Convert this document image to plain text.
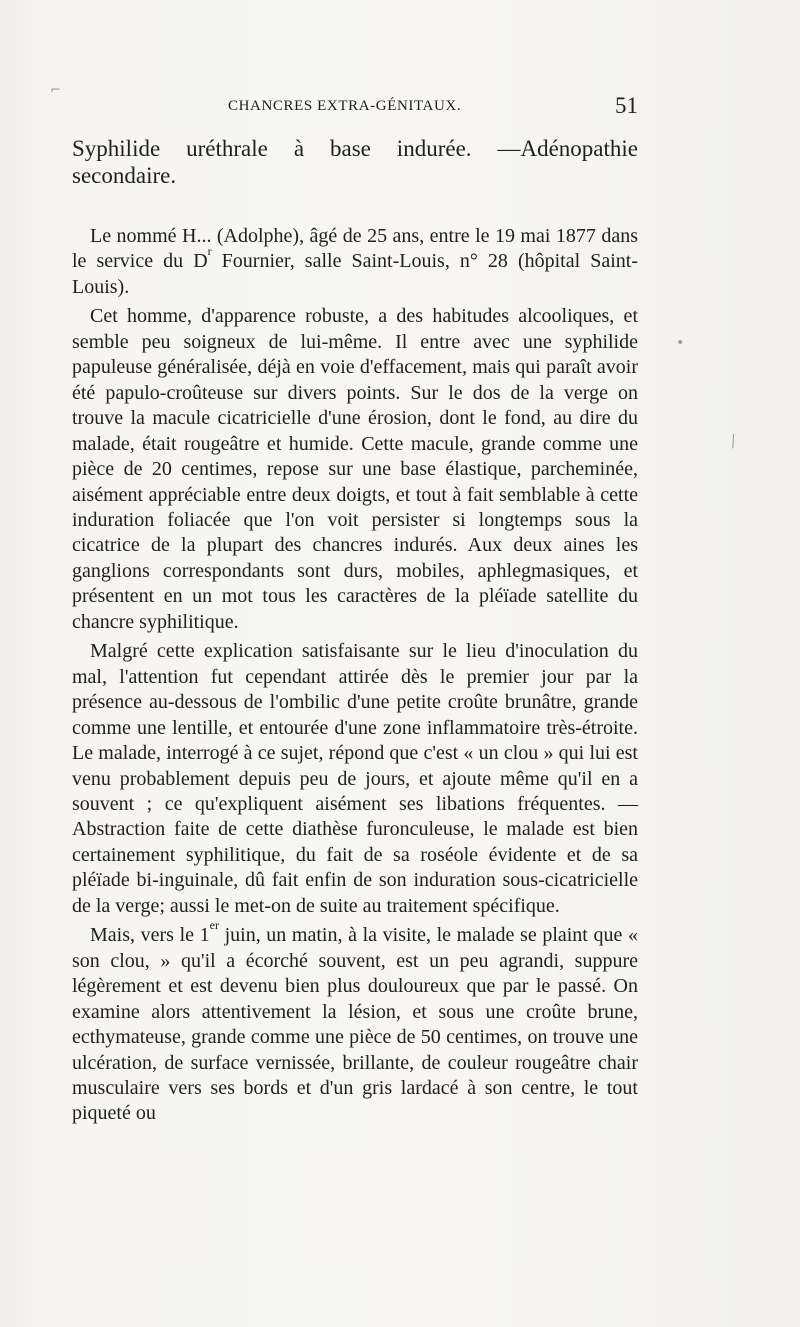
⌐
CHANCRES EXTRA-GÉNITAUX.	51

Syphilide uréthrale à base indurée. —Adénopathie secondaire.

Le nommé H... (Adolphe), âgé de 25 ans, entre le 19 mai 1877 dans le service du $D^r$ Fournier, salle Saint-Louis, n° 28 (hôpital Saint-Louis).

Cet homme, d'apparence robuste, a des habitudes alcooliques, et semble peu soigneux de lui-même. Il entre avec une syphilide papuleuse généralisée, déjà en voie d'effacement, mais qui paraît avoir été papulo-croûteuse sur divers points. Sur le dos de la verge on trouve la macule cicatricielle d'une érosion, dont le fond, au dire du malade, était rougeâtre et humide. Cette macule, grande comme une pièce de 20 centimes, repose sur une base élastique, parcheminée, aisément appréciable entre deux doigts, et tout à fait semblable à cette induration foliacée que l'on voit persister si longtemps sous la cicatrice de la plupart des chancres indurés. Aux deux aines les ganglions correspondants sont durs, mobiles, aphlegmasiques, et présentent en un mot tous les caractères de la pléïade satellite du chancre syphilitique.

Malgré cette explication satisfaisante sur le lieu d'inoculation du mal, l'attention fut cependant attirée dès le premier jour par la présence au-dessous de l'ombilic d'une petite croûte brunâtre, grande comme une lentille, et entourée d'une zone inflammatoire très-étroite. Le malade, interrogé à ce sujet, répond que c'est « un clou » qui lui est venu probablement depuis peu de jours, et ajoute même qu'il en a souvent ; ce qu'expliquent aisément ses libations fréquentes. — Abstraction faite de cette diathèse furonculeuse, le malade est bien certainement syphilitique, du fait de sa roséole évidente et de sa pléïade bi-inguinale, dû fait enfin de son induration sous-cicatricielle de la verge; aussi le met-on de suite au traitement spécifique.

Mais, vers le 1er juin, un matin, à la visite, le malade se plaint que « son clou, » qu'il a écorché souvent, est un peu agrandi, suppure légèrement et est devenu bien plus douloureux que par le passé. On examine alors attentivement la lésion, et sous une croûte brune, ecthymateuse, grande comme une pièce de 50 centimes, on trouve une ulcération, de surface vernissée, brillante, de couleur rougeâtre chair musculaire vers ses bords et d'un gris lardacé à son centre, le tout piqueté ou

•
⁄
